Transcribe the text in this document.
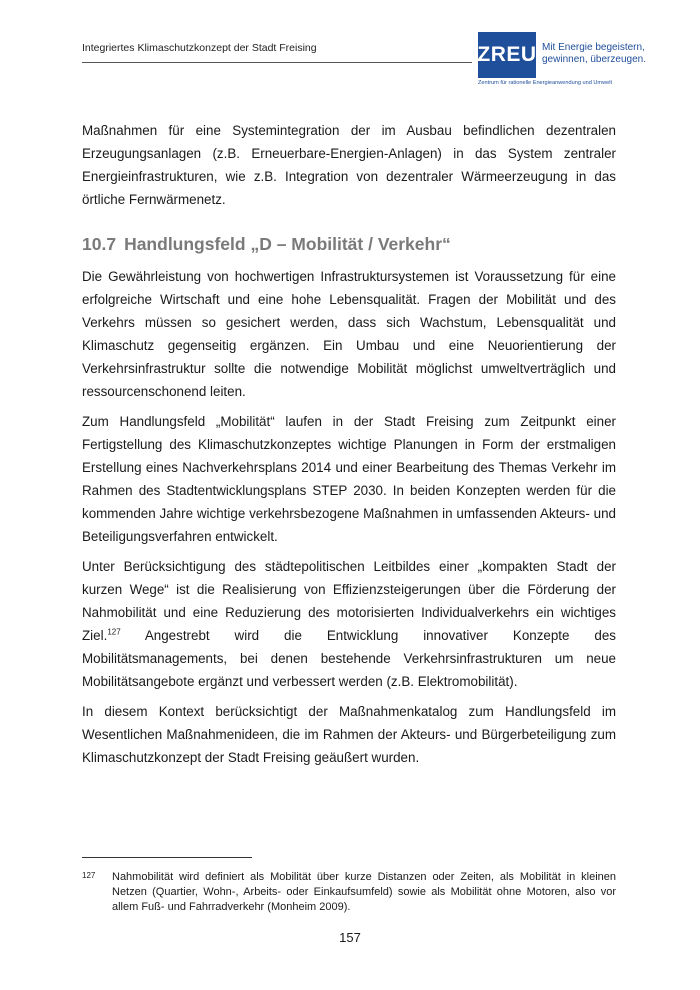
Integriertes Klimaschutzkonzept der Stadt Freising	ZREU Mit Energie begeistern,
gewinnen, überzeugen.
Zentrum für rationelle Energieanwendung und Umwelt

Maßnahmen für eine Systemintegration der im Ausbau befindlichen dezentralen Erzeugungsanlagen (z.B. Erneuerbare-Energien-Anlagen) in das System zentraler Energieinfrastrukturen, wie z.B. Integration von dezentraler Wärmeerzeugung in das örtliche Fernwärmenetz.

10.7 Handlungsfeld „D – Mobilität / Verkehr“

Die Gewährleistung von hochwertigen Infrastruktursystemen ist Voraussetzung für eine erfolgreiche Wirtschaft und eine hohe Lebensqualität. Fragen der Mobilität und des Verkehrs müssen so gesichert werden, dass sich Wachstum, Lebensqualität und Klimaschutz gegenseitig ergänzen. Ein Umbau und eine Neuorientierung der Verkehrsinfrastruktur sollte die notwendige Mobilität möglichst umweltverträglich und ressourcenschonend leiten.

Zum Handlungsfeld „Mobilität“ laufen in der Stadt Freising zum Zeitpunkt einer Fertigstellung des Klimaschutzkonzeptes wichtige Planungen in Form der erstmaligen Erstellung eines Nachverkehrsplans 2014 und einer Bearbeitung des Themas Verkehr im Rahmen des Stadtentwicklungsplans STEP 2030. In beiden Konzepten werden für die kommenden Jahre wichtige verkehrsbezogene Maßnahmen in umfassenden Akteurs- und Beteiligungsverfahren entwickelt.

Unter Berücksichtigung des städtepolitischen Leitbildes einer „kompakten Stadt der kurzen Wege“ ist die Realisierung von Effizienzsteigerungen über die Förderung der Nahmobilität und eine Reduzierung des motorisierten Individualverkehrs ein wichtiges Ziel.$^{127}$ Angestrebt wird die Entwicklung innovativer Konzepte des Mobilitätsmanagements, bei denen bestehende Verkehrsinfrastrukturen um neue Mobilitätsangebote ergänzt und verbessert werden (z.B. Elektromobilität).

In diesem Kontext berücksichtigt der Maßnahmenkatalog zum Handlungsfeld im Wesentlichen Maßnahmenideen, die im Rahmen der Akteurs- und Bürgerbeteiligung zum Klimaschutzkonzept der Stadt Freising geäußert wurden.

127	Nahmobilität wird definiert als Mobilität über kurze Distanzen oder Zeiten, als Mobilität in kleinen Netzen (Quartier, Wohn-, Arbeits- oder Einkaufsumfeld) sowie als Mobilität ohne Motoren, also vor allem Fuß- und Fahrradverkehr (Monheim 2009).
157
